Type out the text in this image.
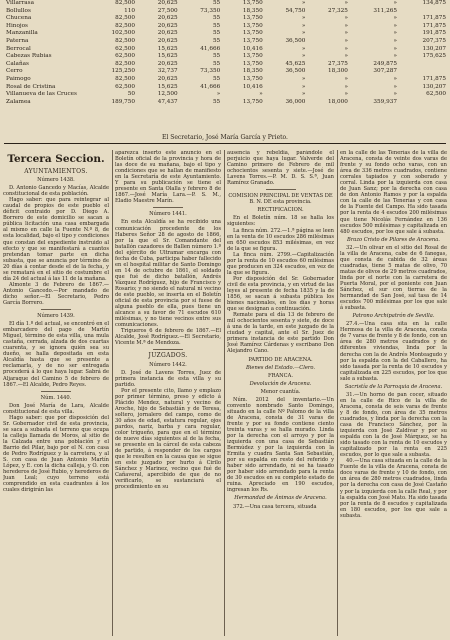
Villarrasa	82,500	20,625	55	13,750	»	»	»	134,875
Bollullos	110	27,500	73,350	18,350	54,750	27,325	311,265	
Chucena	82,500	20,625	55	13,750	»	»	»	171,875
Hinojos	82,500	20,625	55	13,750	»	»	»	171,875
Manzanilla	102,500	20,625	55	13,750	»	»	»	191,875
Paterna	82,500	20,625	55	13,750	36,500	»	»	207,375
Berrocal	62,500	15,625	41,666	10,416	»	»	»	130,207
Cabezas Rubias	62,500	15,625	55	13,750	»	»	»	175,625
Calañas	82,500	20,625	55	13,750	45,625	27,375	249,875	
Cerro	125,250	32,737	73,350	18,350	36,500	18,300	307,287	
Paimogo	82,500	20,625	55	13,750	»	»	»	171,875
Rosal de Cristina	62,500	15,625	41,666	10,416	»	»	»	130,207
Villanueva de las Cruces	50	12,500	»	»	»	»	»	62,500
Zalamea	189,750	47,437	55	13,750	36,000	18,000	359,937	
El Secretario, José María García y Prieto.
Tercera Seccion.
AYUNTAMIENTOS.
Número 1438.

D. Antonio Gancedo y Macías, Alcalde constitucional de esta población.

Hago saber: que para reintegrar al caudal de propios de este pueblo el déficit contraido por D. Diego A. Borrero de este domicilio se sacan a pública licitación una casa embargada al mismo en calle la Fuente N.º 8, de esta localidad, bajo el tipo y condiciones que constan del expediente instruido al efecto y que se manifestará a cuantos pretendan tomar parte en dicha subasta, que se anuncia por término de 20 días á contar desde el de la fecha, y se rematará en el sitio de costumbre el día 24 del actual á las 11 de la mañana.

Almonte 3 de Febrero de 1867.—Antonio Gancedo.—Por mandado de dicho señor.—El Secretario, Pedro García Borrero.

Número 1439.

El día 1.º del actual, se encontró en el embarcadero del pago de Martín Miguel, término de esta villa, una mula castaña, cerrada, alzada de dos cuartas cuarenta, y se ignora quién sea su dueño, se halla depositada en esta Alcaldía hasta que se presente a reclamarla, y de no ser entregada procederá á lo que haya lugar. Sabrá de Aljaraque del Camino 5 de febrero de 1867.—El Alcalde, Pedro Reyes.

Núm. 1440.

Don José María de Lara, Alcalde constitucional de esta villa.

Hago saber: que por disposición del Sr. Gobernador civil de esta provincia, se saca a subasta el terreno que ocupa la calleja llamada de Moros, al sitio de la Calzada entre una población y el Barrio del Pilar, bajo por el N. con casa de Pedro Rodríguez y la carretera, y al S. con casa de Juan Antonio Martín López, y E. con la dicha calleja, y O. con herederos de José Rubio, y herederos de Juan Leal; cuyo terreno está comprendido en esta cuadrantes á los cuales dirigirán las

aparezca inserto este anuncio en el Boletín oficial de la provincia y hora de las doce de su mañana, bajo el tipo y condiciones que se hallan de manifiesto en la Secretaría de este Ayuntamiento. Y para su publicación se tiene el presente en Santa Olalla y febrero 8 de 1867.—José María Lara.—P. S. M., Eladio Maestre Marín.

Número 1441.

En esta Alcaldía se ha recibido una comunicación procedente de los Haberes Señor 28 de agosto de 1866, por la que el Sr. Comandante del batallón cazadores de Ballen número 1.º del ejército de Ultramar encarga con fecha de Cuba, participa haber fallecido en el hospital militar de Santo Domingo en 14 de octubre de 1861, el soldado que fué de dicho batallón, Andrés Vázquez Rodríguez, hijo de Francisco y Rosario; y no siendo el natural ni vecino de este pueblo, se inserta en el Boletín oficial de esta provincia por si fuese de alguna pueblo de ella, pues tiene un alcance a su favor de 71 escudos 610 milésimas, y no tiene vecinos entre sus comunicaciones.

Trigueros 6 de febrero de 1867.—El Alcalde, José Rodríguez.—El Secretario, Vicente M.ª de Mendoza.

JUZGADOS.
Número 1442.

D. José de Lavens Torres, Juez de primera instancia de esta villa y su partido.

Por el presente cito, llamo y emplazo por primer término, preso y edicto á Plácido Mendez, natural y vecino de Aroche, hijo de Sebastián y de Teresa, soltero, jornalero del campo, como de 30 años de edad, estatura regular, ojos pardos, nariz, barba y cara regular, color trigueño, para que en el término de nueve días siguientes al de la fecha, se presente en la cárcel de esta cabeza de partido, á responder de los cargos que le resulten en la causa que se sigue en este juzgado por hurto á Cirilo Sánchez y Marinez, vecino que fué de Cañaveral, apercibido de que de no verificarlo, se sustanciará el procedimiento en su

ausencia y rebeldía, parándole el perjuicio que haya lugar. Valverde del Camino primero de Febrero de mil ochocientos sesenta y siete.—José de Lavens Torres.—P. M. D. S. S.ª, Juan Ramírez Granado.

COMISION PRINCIPAL DE VENTAS DE B. N. DE esta provincia.
RECTIFICACION.

En el Boletín núm. 18 se halla los siguientes:

La finca núm. 272.—1.ª página se leen en la venta de 10 escudos 286 milésimas en 650 escudos 853 milésimas, en vez de la que se figura.

La finca núm. 2799.—Capitalización por la renta de 10 escudos 60 milésimas que producen en 324 escudos, en vez de la que se figura.

Por disposición del Sr. Gobernador civil de esta provincia, y en virtud de las leyes al presente de fecha 1835 y la de 1856, se sacan á subasta pública los bienes nacionales, en los días y horas que se designan a continuación.

Remate para el día 13 de febrero de mil ochocientos sesenta y siete, de doce á una de la tarde, en este juzgado de la ciudad y capital, ante el Sr. Juez de primera instancia de este partido Don José Ramírez Cárdenas y escribano Don Alejandro Cano.

PARTIDO DE ARACENA.
Bienes del Estado.—Clero.
FRANCA.
Devolución de Aracena.
Menor cuantía.

Núm. 2012 del inventario.—Un convento nombrado Santo Domingo, situado en la calle Nº Palomo de la villa de Aracena, consta de 31 varas de frente y por su fondo contiene ciento treinta varas y se halla murado. Linda por la derecha con el arroyo y por la izquierda con una casa de Sebastián Bermúdez y por la izquierda con la Ermita y cuadra Santa San Sebastián, por su espalda en resto del referido y haber sido arrendado, ni se ha tasado por haber sido arrendado para la renta de 30 escudos en su completo estado de ruina. Apreciado en 190 escudos, ingresan los Rs.

Hermandad de Ánimas de Aracena.

372.—Una casa tercera, situada

en la calle de las Tenerías de la villa de Aracena, consta de veinte dos varas de frente y su fondo ocho varas, con un área de 336 metros cuadrados, contiene corrales tapiados y con soberado y corral. Linda por la izquierda con casa de Juan Sanz; por la derecha con casa de don Antonio Ramos y por la espalda con la calle de las Tenerías y con casa de la Fuente del Campo. Ha sido tasada por la renta de 4 escudos 200 milésimas que tiene Nicolás Fernández en 136 escudos 500 milésimas y capitalizada en 480 escudos, por los que sale á subasta.

Brazo Cristo de Pilares de Aracena.

32.—Un olivar en el sitio del Rosal de la villa de Aracena, cabe de 6 fanegas, que consta de cabida de 32 áreas cuadradas, tiene 5 matas de olivo, 70 matas de olivos de 29 metros cuadrados, linda por el norte con la carretera de Puerta Moral, por el poniente con Juan Sánchez, el sur con tierras de la hermandad de San José, sal tasa de 14 escudos 700 milésimas por los que sale á subasta.

Patrono Archipatrón de Sevilla.

27.4.—Una casa sita en la calle Hermosa de la villa de Aracena, consta de 7 varas de frente y 8 de fondo, con un área de 280 metros cuadrados y de diferentes viviendas, linda por la derecha con la de Andrés Monteagudo y por la espalda con la del Caballero, ha sido tasada por la renta de 10 escudos y capitalizada en 225 escudos, por los que sale a subasta.

Sacristía de la Parroquia de Aracena.

31.—Un horno de pan cocer, situado en la calle de Rico de la villa de Aracena, consta de seis varas de frente y 8 de fondo, con área de 35 metros cuadrados, y linda por la derecha con la casa de Francisco Sánchez, por la izquierda con José Zaldívar y por su espalda con la de José Márquez, se ha sido tasado con la renta de 10 escudos y capitalizado por la renta en 225 escudos, por lo que sale a subasta.

40.—Una casa situada en la calle de la Fuente de la villa de Aracena, consta de doce varas de frente y 10 de fondo, con un área de 280 metros cuadrados, linda por la derecha con casa de José Castaño y por la izquierda con la calle Real, y por la espalda con José Mato. Ha sido tasada por la renta de 8 escudos y capitalizada en 180 escudos, por los que sale a subasta.
